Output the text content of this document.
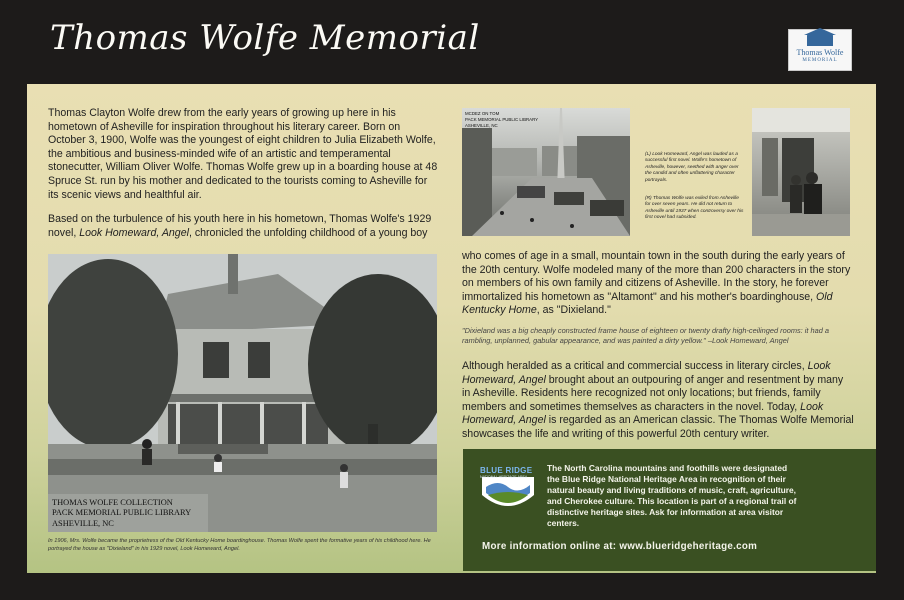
Thomas Wolfe Memorial	Thomas Wolfe
MEMORIAL

Thomas Clayton Wolfe drew from the early years of growing up here in his hometown of Asheville for inspiration throughout his literary career. Born on October 3, 1900, Wolfe was the youngest of eight children to Julia Elizabeth Wolfe, the ambitious and business-minded wife of an artistic and temperamental stonecutter, William Oliver Wolfe. Thomas Wolfe grew up in a boarding house at 48 Spruce St. run by his mother and dedicated to the tourists coming to Asheville for its scenic views and healthful air.

Based on the turbulence of his youth here in his hometown, Thomas Wolfe's 1929 novel, Look Homeward, Angel, chronicled the unfolding childhood of a young boy

MCDEZ ON TOM
PACK MEMORIAL PUBLIC LIBRARY
ASHEVILLE, NC
(L) Look Homeward, Angel was lauded as a successful first novel. Wolfe's hometown of Asheville, however, seethed with anger over the candid and often unflattering character portrayals.
(R) Thomas Wolfe was exiled from Asheville for over seven years. He did not return to Asheville until 1937 when controversy over his first novel had subsided.

who comes of age in a small, mountain town in the south during the early years of the 20th century. Wolfe modeled many of the more than 200 characters in the story on members of his own family and citizens of Asheville. In the story, he forever immortalized his hometown as "Altamont" and his mother's boardinghouse, Old Kentucky Home, as "Dixieland."

"Dixieland was a big cheaply constructed frame house of eighteen or twenty drafty high-ceilinged rooms: it had a rambling, unplanned, gabular appearance, and was painted a dirty yellow." –Look Homeward, Angel

Although heralded as a critical and commercial success in literary circles, Look Homeward, Angel brought about an outpouring of anger and resentment by many in Asheville. Residents here recognized not only locations; but friends, family members and sometimes themselves as characters in the novel. Today, Look Homeward, Angel is regarded as an American classic. The Thomas Wolfe Memorial showcases the life and writing of this powerful 20th century writer.

THOMAS WOLFE COLLECTION
PACK MEMORIAL PUBLIC LIBRARY
ASHEVILLE, NC
In 1906, Mrs. Wolfe became the proprietress of the Old Kentucky Home boardinghouse. Thomas Wolfe spent the formative years of his childhood here. He portrayed the house as "Dixieland" in his 1929 novel, Look Homeward, Angel.
BLUE RIDGE
NATIONAL HERITAGE AREA
The North Carolina mountains and foothills were designated the Blue Ridge National Heritage Area in recognition of their natural beauty and living traditions of music, craft, agriculture, and Cherokee culture. This location is part of a regional trail of distinctive heritage sites. Ask for information at area visitor centers.
More information online at: www.blueridgeheritage.com
